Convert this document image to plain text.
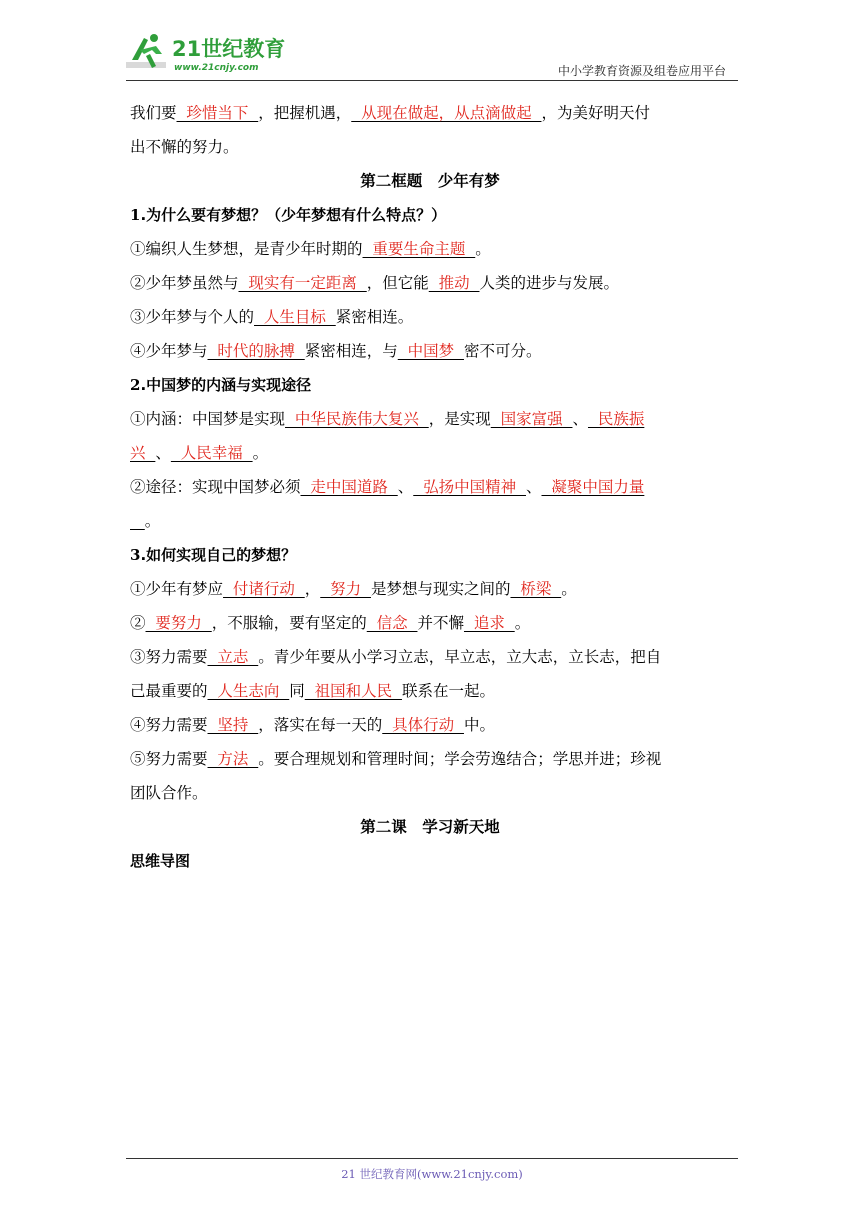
21世纪教育
www.21cnjy.com	中小学教育资源及组卷应用平台
我们要  珍惜当下  ，把握机遇，  从现在做起，从点滴做起  ，为美好明天付
出不懈的努力。
第二框题　少年有梦
1.为什么要有梦想？（少年梦想有什么特点？）
①编织人生梦想，是青少年时期的  重要生命主题  。
②少年梦虽然与  现实有一定距离  ，但它能  推动  人类的进步与发展。
③少年梦与个人的  人生目标  紧密相连。
④少年梦与  时代的脉搏  紧密相连，与  中国梦  密不可分。
2.中国梦的内涵与实现途径
①内涵：中国梦是实现  中华民族伟大复兴  ，是实现  国家富强  、  民族振
兴  、  人民幸福  。
②途径：实现中国梦必须  走中国道路  、  弘扬中国精神  、  凝聚中国力量
。
3.如何实现自己的梦想？
①少年有梦应  付诸行动  ，  努力  是梦想与现实之间的  桥梁  。
②  要努力  ，不服输，要有坚定的  信念  并不懈  追求  。
③努力需要  立志  。青少年要从小学习立志，早立志，立大志，立长志，把自
己最重要的  人生志向  同  祖国和人民  联系在一起。
④努力需要  坚持  ，落实在每一天的  具体行动  中。
⑤努力需要  方法  。要合理规划和管理时间；学会劳逸结合；学思并进；珍视
团队合作。
第二课　学习新天地
思维导图
21 世纪教育网(www.21cnjy.com)
